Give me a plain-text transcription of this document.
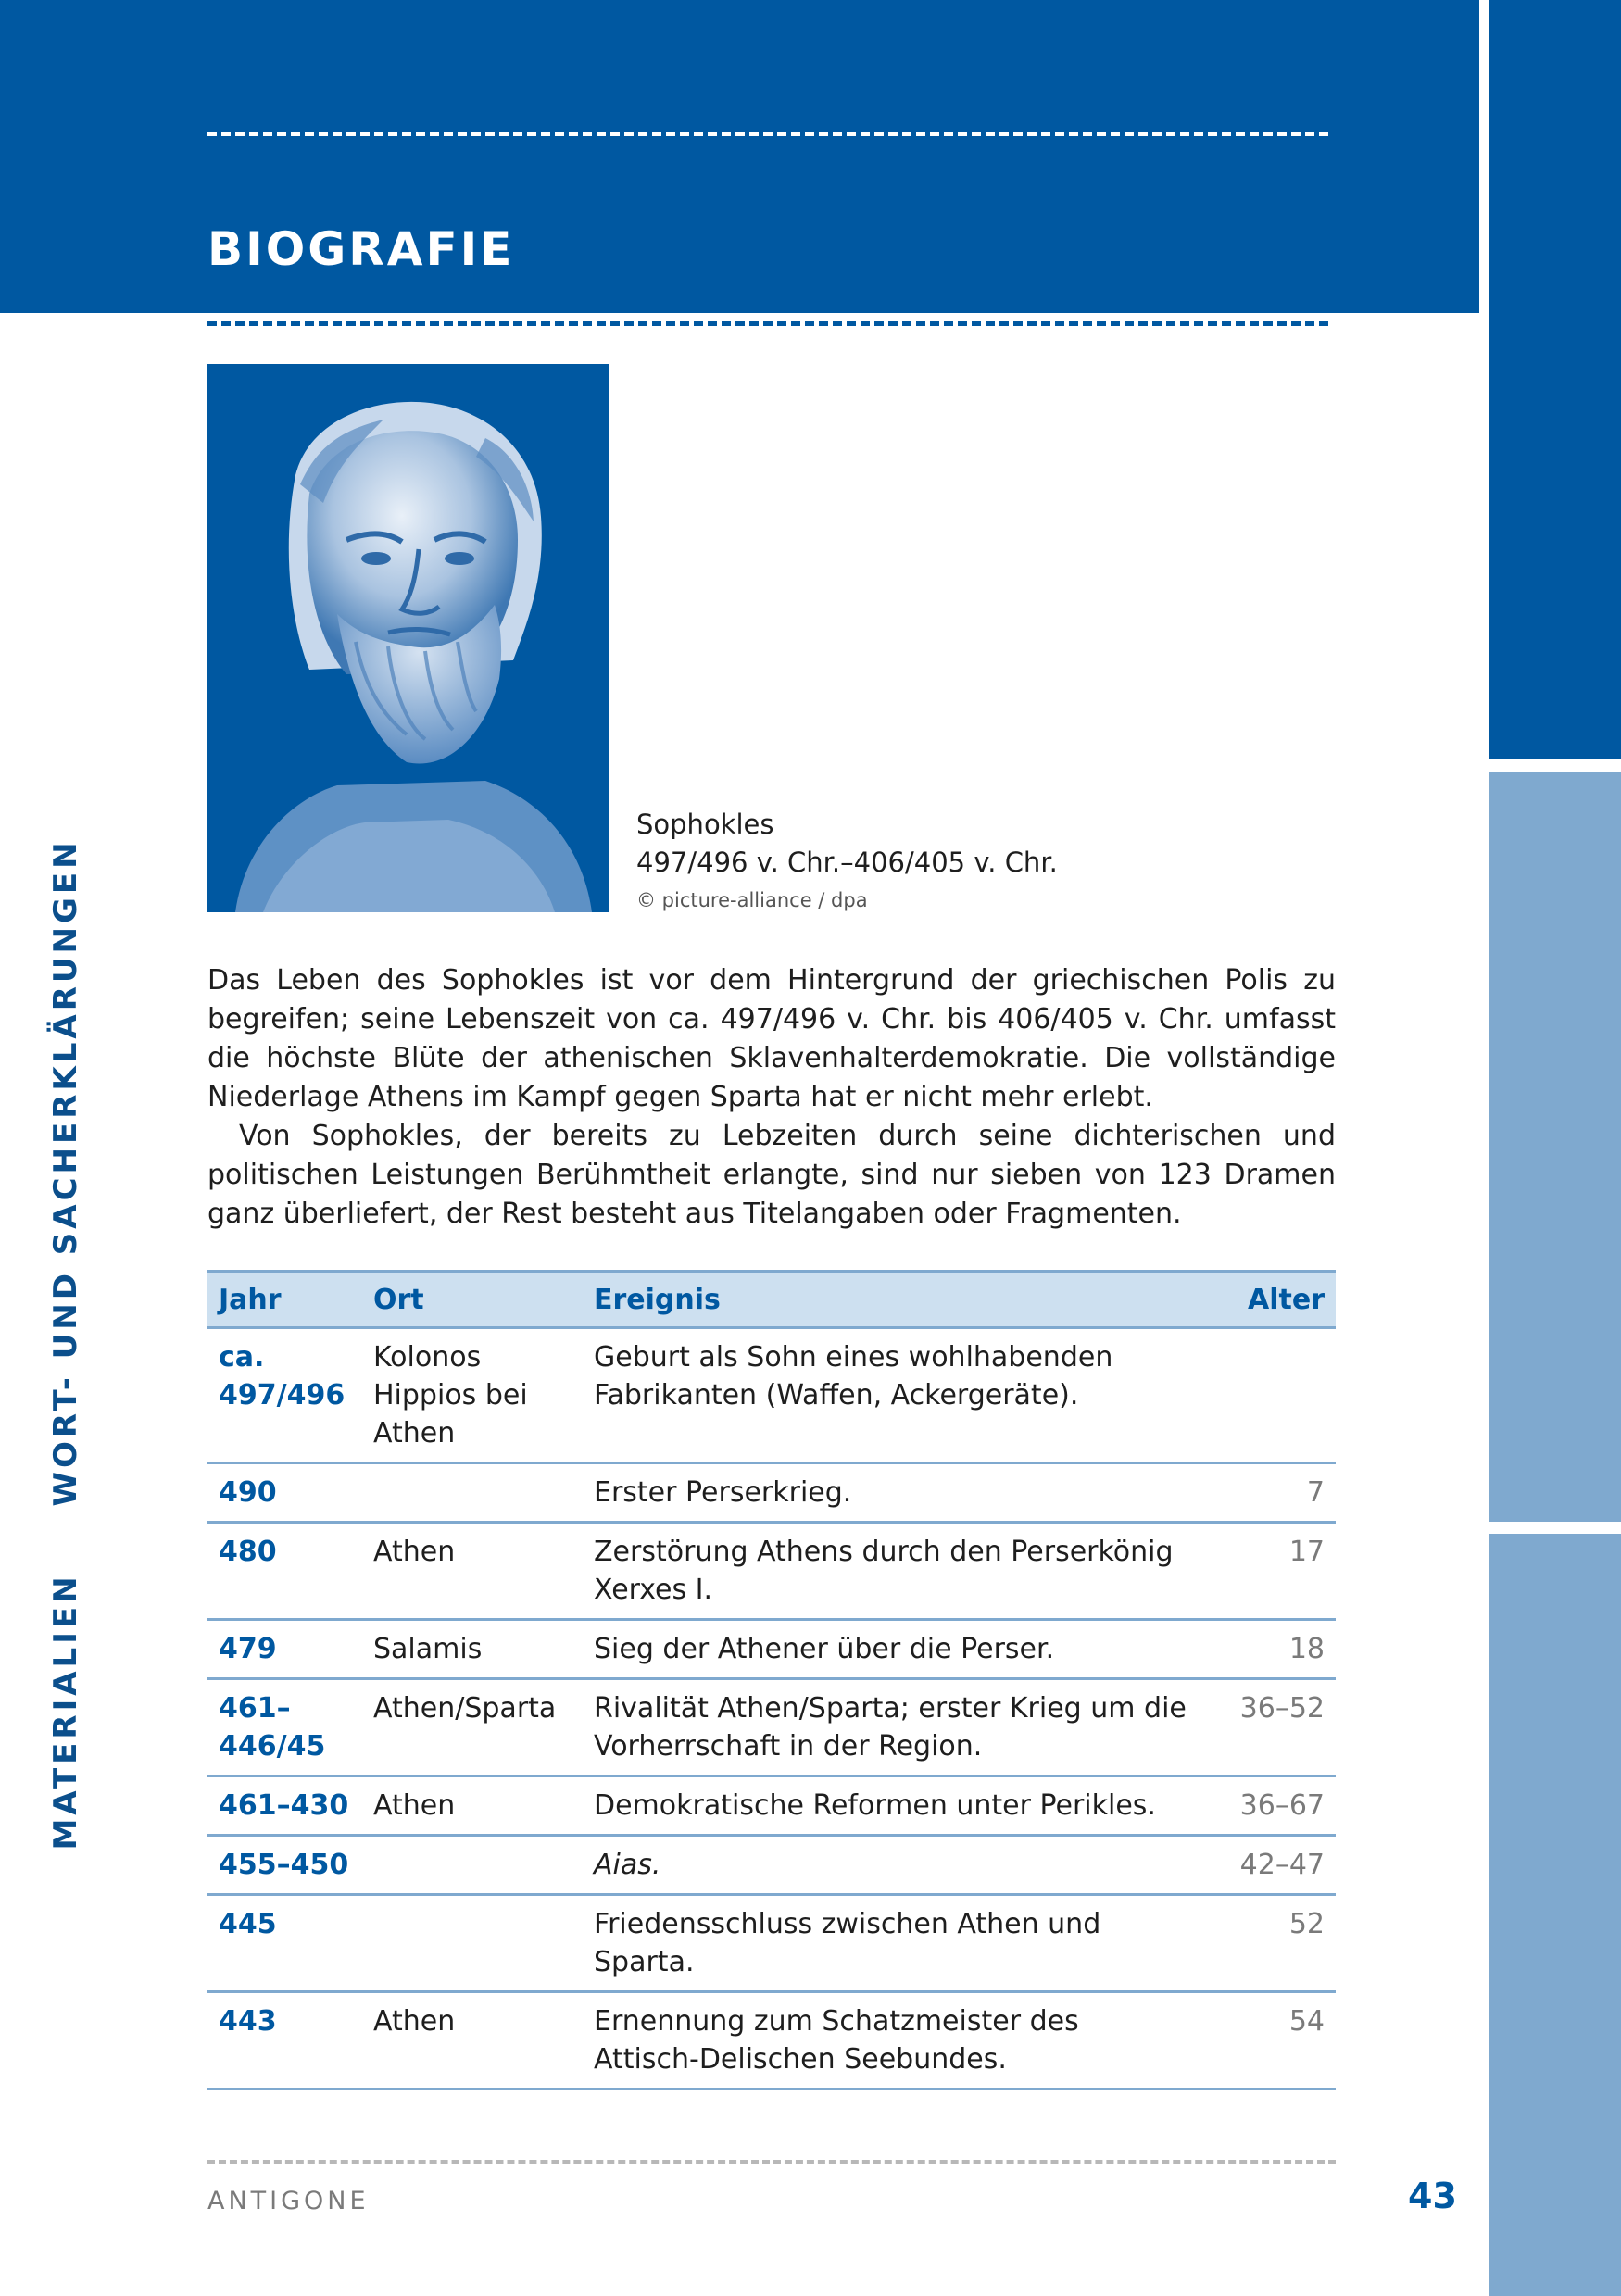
BIOGRAFIE
BIOGRAFIE
WORT- UND SACHERKLÄRUNGEN
MATERIALIEN
Sophokles
497/496 v. Chr.–406/405 v. Chr.
© picture-alliance / dpa

Das Leben des Sophokles ist vor dem Hintergrund der griechischen Polis zu begreifen; seine Lebenszeit von ca. 497/496 v. Chr. bis 406/405 v. Chr. umfasst die höchste Blüte der athenischen Sklavenhalterdemokratie. Die vollständige Niederlage Athens im Kampf gegen Sparta hat er nicht mehr erlebt.

Von Sophokles, der bereits zu Lebzeiten durch seine dichterischen und politischen Leistungen Berühmtheit erlangte, sind nur sieben von 123 Dramen ganz überliefert, der Rest besteht aus Titelangaben oder Fragmenten.

Jahr	Ort	Ereignis	Alter
ca. 497/496	Kolonos Hippios bei Athen	Geburt als Sohn eines wohlhabenden Fabrikanten (Waffen, Ackergeräte).	
490		Erster Perserkrieg.	7
480	Athen	Zerstörung Athens durch den Perserkönig Xerxes I.	17
479	Salamis	Sieg der Athener über die Perser.	18
461–446/45	Athen/Sparta	Rivalität Athen/Sparta; erster Krieg um die Vorherrschaft in der Region.	36–52
461–430	Athen	Demokratische Reformen unter Perikles.	36–67
455–450		Aias.	42–47
445		Friedensschluss zwischen Athen und Sparta.	52
443	Athen	Ernennung zum Schatzmeister des Attisch-Delischen Seebundes.	54
ANTIGONE	43
